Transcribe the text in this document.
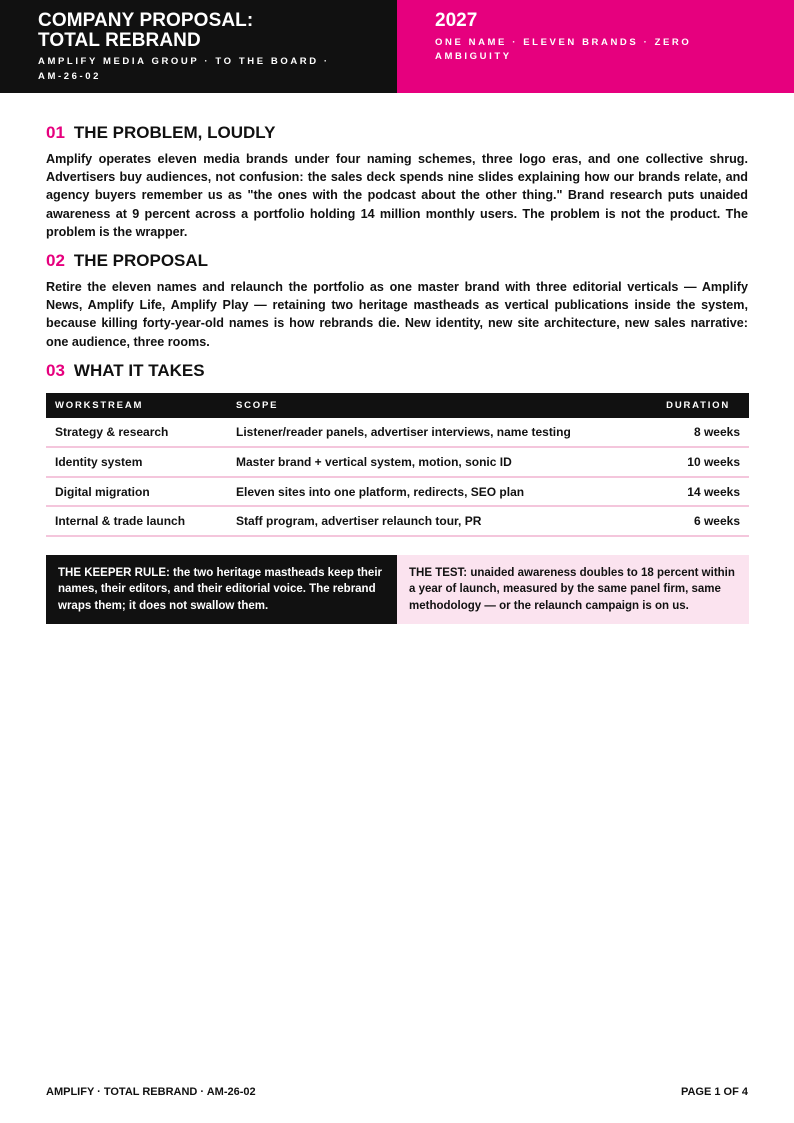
COMPANY PROPOSAL:
TOTAL REBRAND
AMPLIFY MEDIA GROUP · TO THE BOARD · AM-26-02
2027
ONE NAME · ELEVEN BRANDS · ZERO AMBIGUITY
01 THE PROBLEM, LOUDLY

Amplify operates eleven media brands under four naming schemes, three logo eras, and one collective shrug. Advertisers buy audiences, not confusion: the sales deck spends nine slides explaining how our brands relate, and agency buyers remember us as "the ones with the podcast about the other thing." Brand research puts unaided awareness at 9 percent across a portfolio holding 14 million monthly users. The problem is not the product. The problem is the wrapper.

02 THE PROPOSAL

Retire the eleven names and relaunch the portfolio as one master brand with three editorial verticals — Amplify News, Amplify Life, Amplify Play — retaining two heritage mastheads as vertical publications inside the system, because killing forty-year-old names is how rebrands die. New identity, new site architecture, new sales narrative: one audience, three rooms.

03 WHAT IT TAKES
WORKSTREAM	SCOPE	DURATION
Strategy & research	Listener/reader panels, advertiser interviews, name testing	8 weeks
Identity system	Master brand + vertical system, motion, sonic ID	10 weeks
Digital migration	Eleven sites into one platform, redirects, SEO plan	14 weeks
Internal & trade launch	Staff program, advertiser relaunch tour, PR	6 weeks
THE KEEPER RULE: the two heritage mastheads keep their names, their editors, and their editorial voice. The rebrand wraps them; it does not swallow them.
THE TEST: unaided awareness doubles to 18 percent within a year of launch, measured by the same panel firm, same methodology — or the relaunch campaign is on us.
AMPLIFY · TOTAL REBRAND · AM-26-02	PAGE 1 OF 4
